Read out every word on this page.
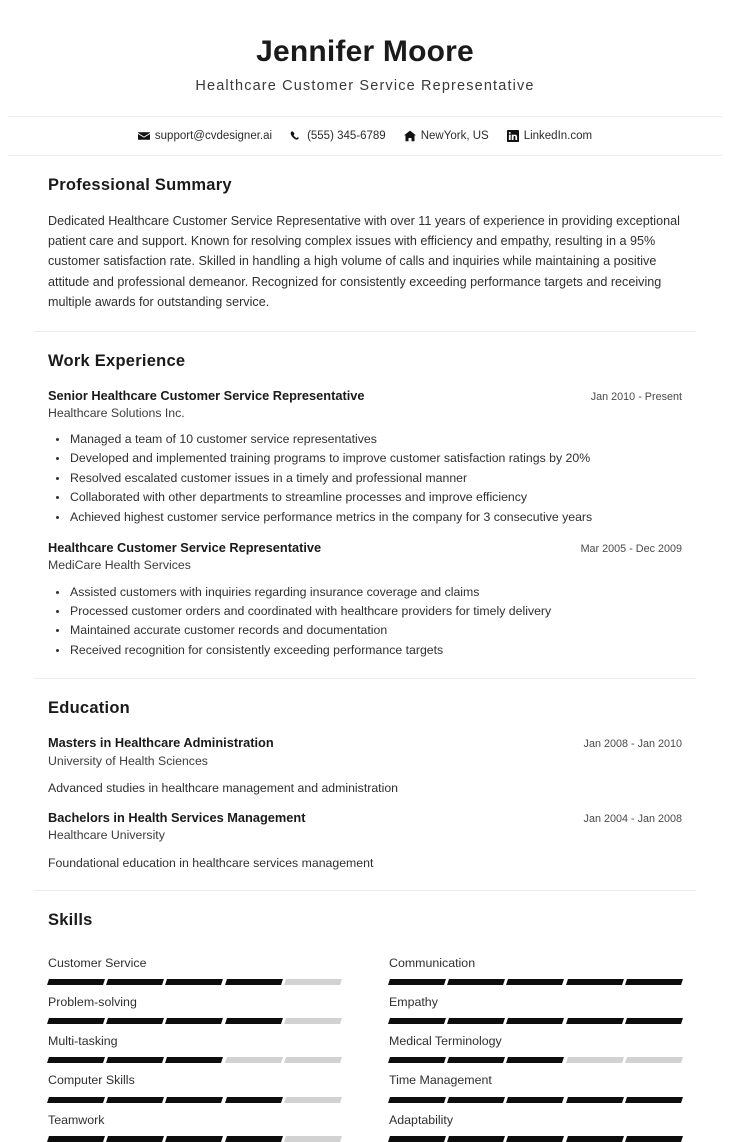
Jennifer Moore
Healthcare Customer Service Representative
support@cvdesigner.ai	(555) 345-6789	NewYork, US	LinkedIn.com
Professional Summary

Dedicated Healthcare Customer Service Representative with over 11 years of experience in providing exceptional patient care and support. Known for resolving complex issues with efficiency and empathy, resulting in a 95% customer satisfaction rate. Skilled in handling a high volume of calls and inquiries while maintaining a positive attitude and professional demeanor. Recognized for consistently exceeding performance targets and receiving multiple awards for outstanding service.

Work Experience
Senior Healthcare Customer Service Representative	Jan 2010 - Present
Healthcare Solutions Inc.
Managed a team of 10 customer service representatives
Developed and implemented training programs to improve customer satisfaction ratings by 20%
Resolved escalated customer issues in a timely and professional manner
Collaborated with other departments to streamline processes and improve efficiency
Achieved highest customer service performance metrics in the company for 3 consecutive years
Healthcare Customer Service Representative	Mar 2005 - Dec 2009
MediCare Health Services
Assisted customers with inquiries regarding insurance coverage and claims
Processed customer orders and coordinated with healthcare providers for timely delivery
Maintained accurate customer records and documentation
Received recognition for consistently exceeding performance targets
Education
Masters in Healthcare Administration	Jan 2008 - Jan 2010
University of Health Sciences
Advanced studies in healthcare management and administration
Bachelors in Health Services Management	Jan 2004 - Jan 2008
Healthcare University
Foundational education in healthcare services management
Skills
Customer Service	Communication
Problem-solving	Empathy
Multi-tasking	Medical Terminology
Computer Skills	Time Management
Teamwork	Adaptability
